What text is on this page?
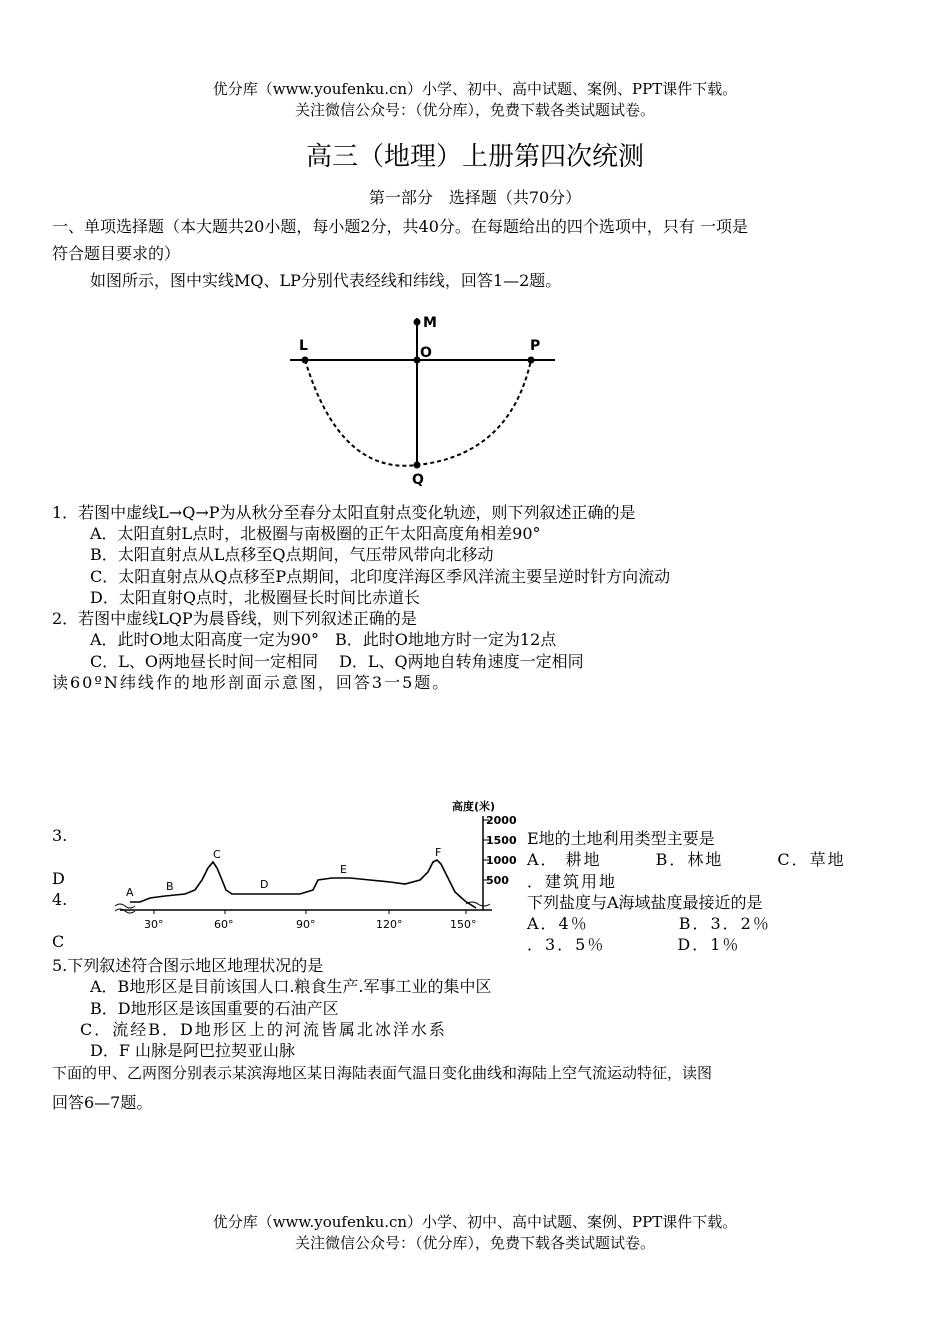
优分库（www.youfenku.cn）小学、初中、高中试题、案例、PPT课件下载。
关注微信公众号：（优分库），免费下载各类试题试卷。
高三（地理）上册第四次统测
第一部分　选择题（共70分）
一、单项选择题（本大题共20小题，每小题2分，共40分。在每题给出的四个选项中，只有 一项是
符合题目要求的）
如图所示，图中实线MQ、LP分别代表经线和纬线，回答1—2题。
M
L	O	P
Q
1．若图中虚线L→Q→P为从秋分至春分太阳直射点变化轨迹，则下列叙述正确的是
A．太阳直射L点时，北极圈与南极圈的正午太阳高度角相差90°
B．太阳直射点从L点移至Q点期间，气压带风带向北移动
C．太阳直射点从Q点移至P点期间，北印度洋海区季风洋流主要呈逆时针方向流动
D．太阳直射Q点时，北极圈昼长时间比赤道长
2．若图中虚线LQP为晨昏线，则下列叙述正确的是
A．此时O地太阳高度一定为90°　B．此时O地地方时一定为12点
C．L、O两地昼长时间一定相同　 D．L、Q两地自转角速度一定相同
读60ºN纬线作的地形剖面示意图，回答3一5题。
高度(米)
2000
1500
1000
500
A	B
C
D
E
F
30°	60°	90°	120°	150°
3.	E地的土地利用类型主要是
A． 耕地　　　B．林地　　　C．草地
D	．建筑用地
4.	下列盐度与A海域盐度最接近的是
A．4％　　　　　B．3．2％
C	．3．5％　　　　D．1％
5.下列叙述符合图示地区地理状况的是
A．B地形区是目前该国人口.粮食生产.军事工业的集中区
B．D地形区是该国重要的石油产区
C．流经B．D地形区上的河流皆属北冰洋水系
D．F 山脉是阿巴拉契亚山脉
下面的甲、乙两图分别表示某滨海地区某日海陆表面气温日变化曲线和海陆上空气流运动特征，读图
回答6—7题。
优分库（www.youfenku.cn）小学、初中、高中试题、案例、PPT课件下载。
关注微信公众号：（优分库），免费下载各类试题试卷。
